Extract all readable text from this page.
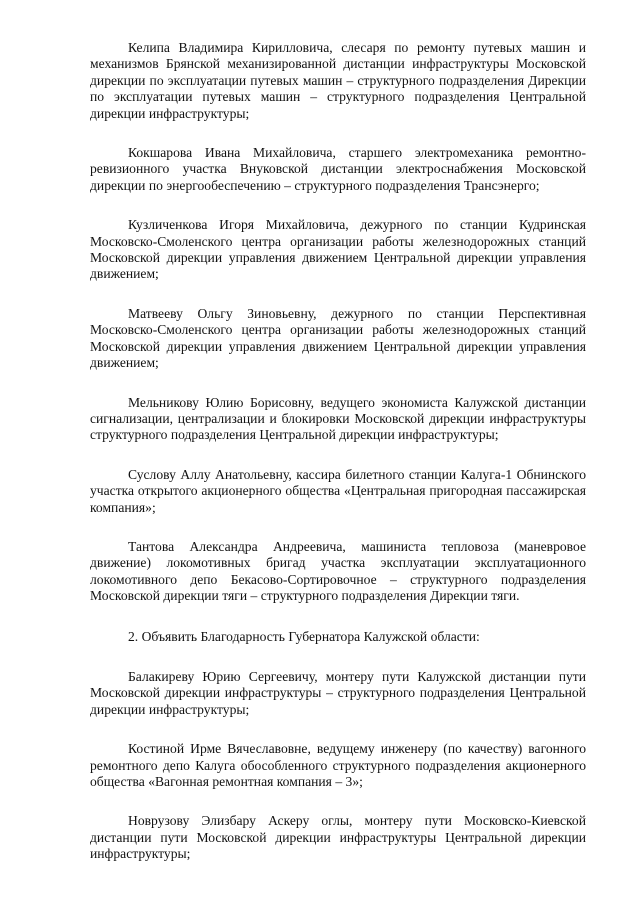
Келипа Владимира Кирилловича, слесаря по ремонту путевых машин и механизмов Брянской механизированной дистанции инфраструктуры Московской дирекции по эксплуатации путевых машин – структурного подразделения Дирекции по эксплуатации путевых машин – структурного подразделения Центральной дирекции инфраструктуры;

Кокшарова Ивана Михайловича, старшего электромеханика ремонтно-ревизионного участка Внуковской дистанции электроснабжения Московской дирекции по энергообеспечению – структурного подразделения Трансэнерго;

Кузличенкова Игоря Михайловича, дежурного по станции Кудринская Московско-Смоленского центра организации работы железнодорожных станций Московской дирекции управления движением Центральной дирекции управления движением;

Матвееву Ольгу Зиновьевну, дежурного по станции Перспективная Московско-Смоленского центра организации работы железнодорожных станций Московской дирекции управления движением Центральной дирекции управления движением;

Мельникову Юлию Борисовну, ведущего экономиста Калужской дистанции сигнализации, централизации и блокировки Московской дирекции инфраструктуры структурного подразделения Центральной дирекции инфраструктуры;

Суслову Аллу Анатольевну, кассира билетного станции Калуга-1 Обнинского участка открытого акционерного общества «Центральная пригородная пассажирская компания»;

Тантова Александра Андреевича, машиниста тепловоза (маневровое движение) локомотивных бригад участка эксплуатации эксплуатационного локомотивного депо Бекасово-Сортировочное – структурного подразделения Московской дирекции тяги – структурного подразделения Дирекции тяги.

2. Объявить Благодарность Губернатора Калужской области:

Балакиреву Юрию Сергеевичу, монтеру пути Калужской дистанции пути Московской дирекции инфраструктуры – структурного подразделения Центральной дирекции инфраструктуры;

Костиной Ирме Вячеславовне, ведущему инженеру (по качеству) вагонного ремонтного депо Калуга обособленного структурного подразделения акционерного общества «Вагонная ремонтная компания – 3»;

Новрузову Элизбару Аскеру оглы, монтеру пути Московско-Киевской дистанции пути Московской дирекции инфраструктуры Центральной дирекции инфраструктуры;
